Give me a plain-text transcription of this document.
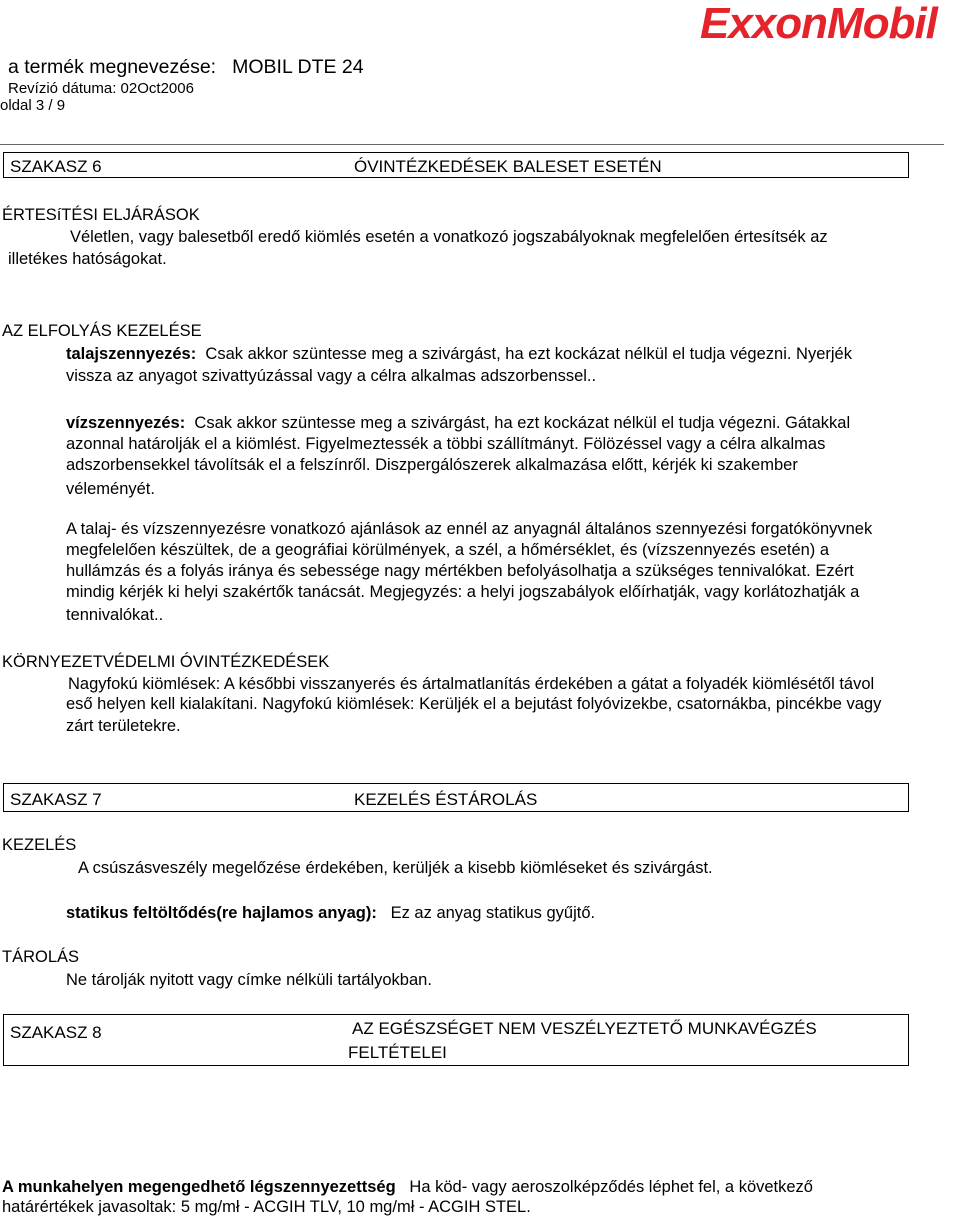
ExxonMobil
a termék megnevezése: MOBIL DTE 24
Revízió dátuma: 02Oct2006
oldal 3 / 9
SZAKASZ 6	ÓVINTÉZKEDÉSEK BALESET ESETÉN
ÉRTESíTÉSI ELJÁRÁSOK
Véletlen, vagy balesetből eredő kiömlés esetén a vonatkozó jogszabályoknak megfelelően értesítsék az
illetékes hatóságokat.
AZ ELFOLYÁS KEZELÉSE
talajszennyezés: Csak akkor szüntesse meg a szivárgást, ha ezt kockázat nélkül el tudja végezni. Nyerjék
vissza az anyagot szivattyúzással vagy a célra alkalmas adszorbenssel..
vízszennyezés: Csak akkor szüntesse meg a szivárgást, ha ezt kockázat nélkül el tudja végezni. Gátakkal
azonnal határolják el a kiömlést. Figyelmeztessék a többi szállítmányt. Fölözéssel vagy a célra alkalmas
adszorbensekkel távolítsák el a felszínről. Diszpergálószerek alkalmazása előtt, kérjék ki szakember
véleményét.
A talaj- és vízszennyezésre vonatkozó ajánlások az ennél az anyagnál általános szennyezési forgatókönyvnek
megfelelően készültek, de a geográfiai körülmények, a szél, a hőmérséklet, és (vízszennyezés esetén) a
hullámzás és a folyás iránya és sebessége nagy mértékben befolyásolhatja a szükséges tennivalókat. Ezért
mindig kérjék ki helyi szakértők tanácsát. Megjegyzés: a helyi jogszabályok előírhatják, vagy korlátozhatják a
tennivalókat..
KÖRNYEZETVÉDELMI ÓVINTÉZKEDÉSEK
Nagyfokú kiömlések: A későbbi visszanyerés és ártalmatlanítás érdekében a gátat a folyadék kiömlésétől távol
eső helyen kell kialakítani. Nagyfokú kiömlések: Kerüljék el a bejutást folyóvizekbe, csatornákba, pincékbe vagy
zárt területekre.
SZAKASZ 7	KEZELÉS ÉSTÁROLÁS
KEZELÉS
A csúszásveszély megelőzése érdekében, kerüljék a kisebb kiömléseket és szivárgást.
statikus feltöltődés(re hajlamos anyag): Ez az anyag statikus gyűjtő.
TÁROLÁS
Ne tárolják nyitott vagy címke nélküli tartályokban.
SZAKASZ 8	AZ EGÉSZSÉGET NEM VESZÉLYEZTETŐ MUNKAVÉGZÉS
FELTÉTELEI
A munkahelyen megengedhető légszennyezettség Ha köd- vagy aeroszolképződés léphet fel, a következő
határértékek javasoltak: 5 mg/mł - ACGIH TLV, 10 mg/mł - ACGIH STEL.
